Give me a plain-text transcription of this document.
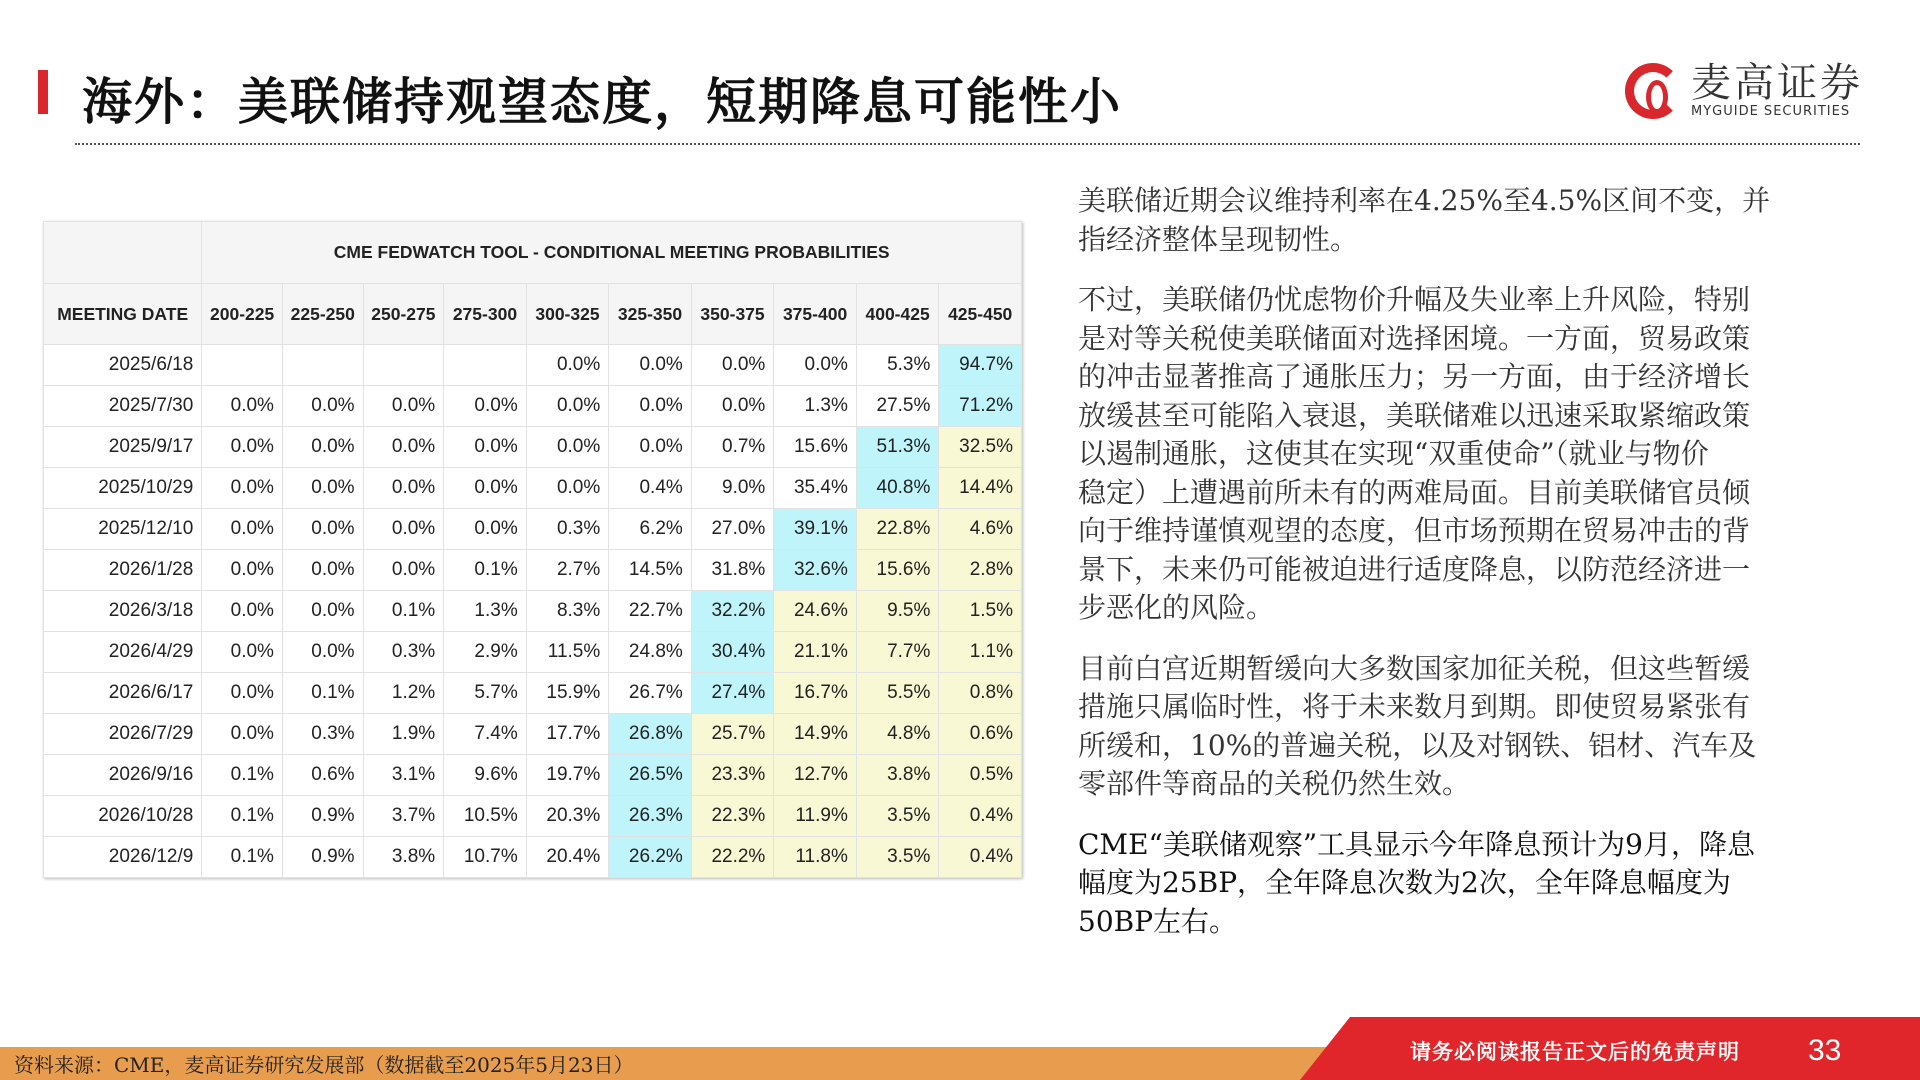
海外：美联储持观望态度，短期降息可能性小	麦高证券
MYGUIDE SECURITIES
	CME FEDWATCH TOOL - CONDITIONAL MEETING PROBABILITIES									
MEETING DATE	200-225	225-250	250-275	275-300	300-325	325-350	350-375	375-400	400-425	425-450
2025/6/18					0.0%	0.0%	0.0%	0.0%	5.3%	94.7%
2025/7/30	0.0%	0.0%	0.0%	0.0%	0.0%	0.0%	0.0%	1.3%	27.5%	71.2%
2025/9/17	0.0%	0.0%	0.0%	0.0%	0.0%	0.0%	0.7%	15.6%	51.3%	32.5%
2025/10/29	0.0%	0.0%	0.0%	0.0%	0.0%	0.4%	9.0%	35.4%	40.8%	14.4%
2025/12/10	0.0%	0.0%	0.0%	0.0%	0.3%	6.2%	27.0%	39.1%	22.8%	4.6%
2026/1/28	0.0%	0.0%	0.0%	0.1%	2.7%	14.5%	31.8%	32.6%	15.6%	2.8%
2026/3/18	0.0%	0.0%	0.1%	1.3%	8.3%	22.7%	32.2%	24.6%	9.5%	1.5%
2026/4/29	0.0%	0.0%	0.3%	2.9%	11.5%	24.8%	30.4%	21.1%	7.7%	1.1%
2026/6/17	0.0%	0.1%	1.2%	5.7%	15.9%	26.7%	27.4%	16.7%	5.5%	0.8%
2026/7/29	0.0%	0.3%	1.9%	7.4%	17.7%	26.8%	25.7%	14.9%	4.8%	0.6%
2026/9/16	0.1%	0.6%	3.1%	9.6%	19.7%	26.5%	23.3%	12.7%	3.8%	0.5%
2026/10/28	0.1%	0.9%	3.7%	10.5%	20.3%	26.3%	22.3%	11.9%	3.5%	0.4%
2026/12/9	0.1%	0.9%	3.8%	10.7%	20.4%	26.2%	22.2%	11.8%	3.5%	0.4%
美联储近期会议维持利率在4.25%至4.5%区间不变，并
指经济整体呈现韧性。
不过，美联储仍忧虑物价升幅及失业率上升风险，特别
是对等关税使美联储面对选择困境。一方面，贸易政策
的冲击显著推高了通胀压力；另一方面，由于经济增长
放缓甚至可能陷入衰退，美联储难以迅速采取紧缩政策
以遏制通胀，这使其在实现“双重使命”（就业与物价
稳定）上遭遇前所未有的两难局面。目前美联储官员倾
向于维持谨慎观望的态度，但市场预期在贸易冲击的背
景下，未来仍可能被迫进行适度降息，以防范经济进一
步恶化的风险。
目前白宫近期暂缓向大多数国家加征关税，但这些暂缓
措施只属临时性，将于未来数月到期。即使贸易紧张有
所缓和，10%的普遍关税，以及对钢铁、铝材、汽车及
零部件等商品的关税仍然生效。
CME“美联储观察”工具显示今年降息预计为9月，降息
幅度为25BP，全年降息次数为2次，全年降息幅度为
50BP左右。
资料来源：CME，麦高证券研究发展部（数据截至2025年5月23日）
请务必阅读报告正文后的免责声明 33
